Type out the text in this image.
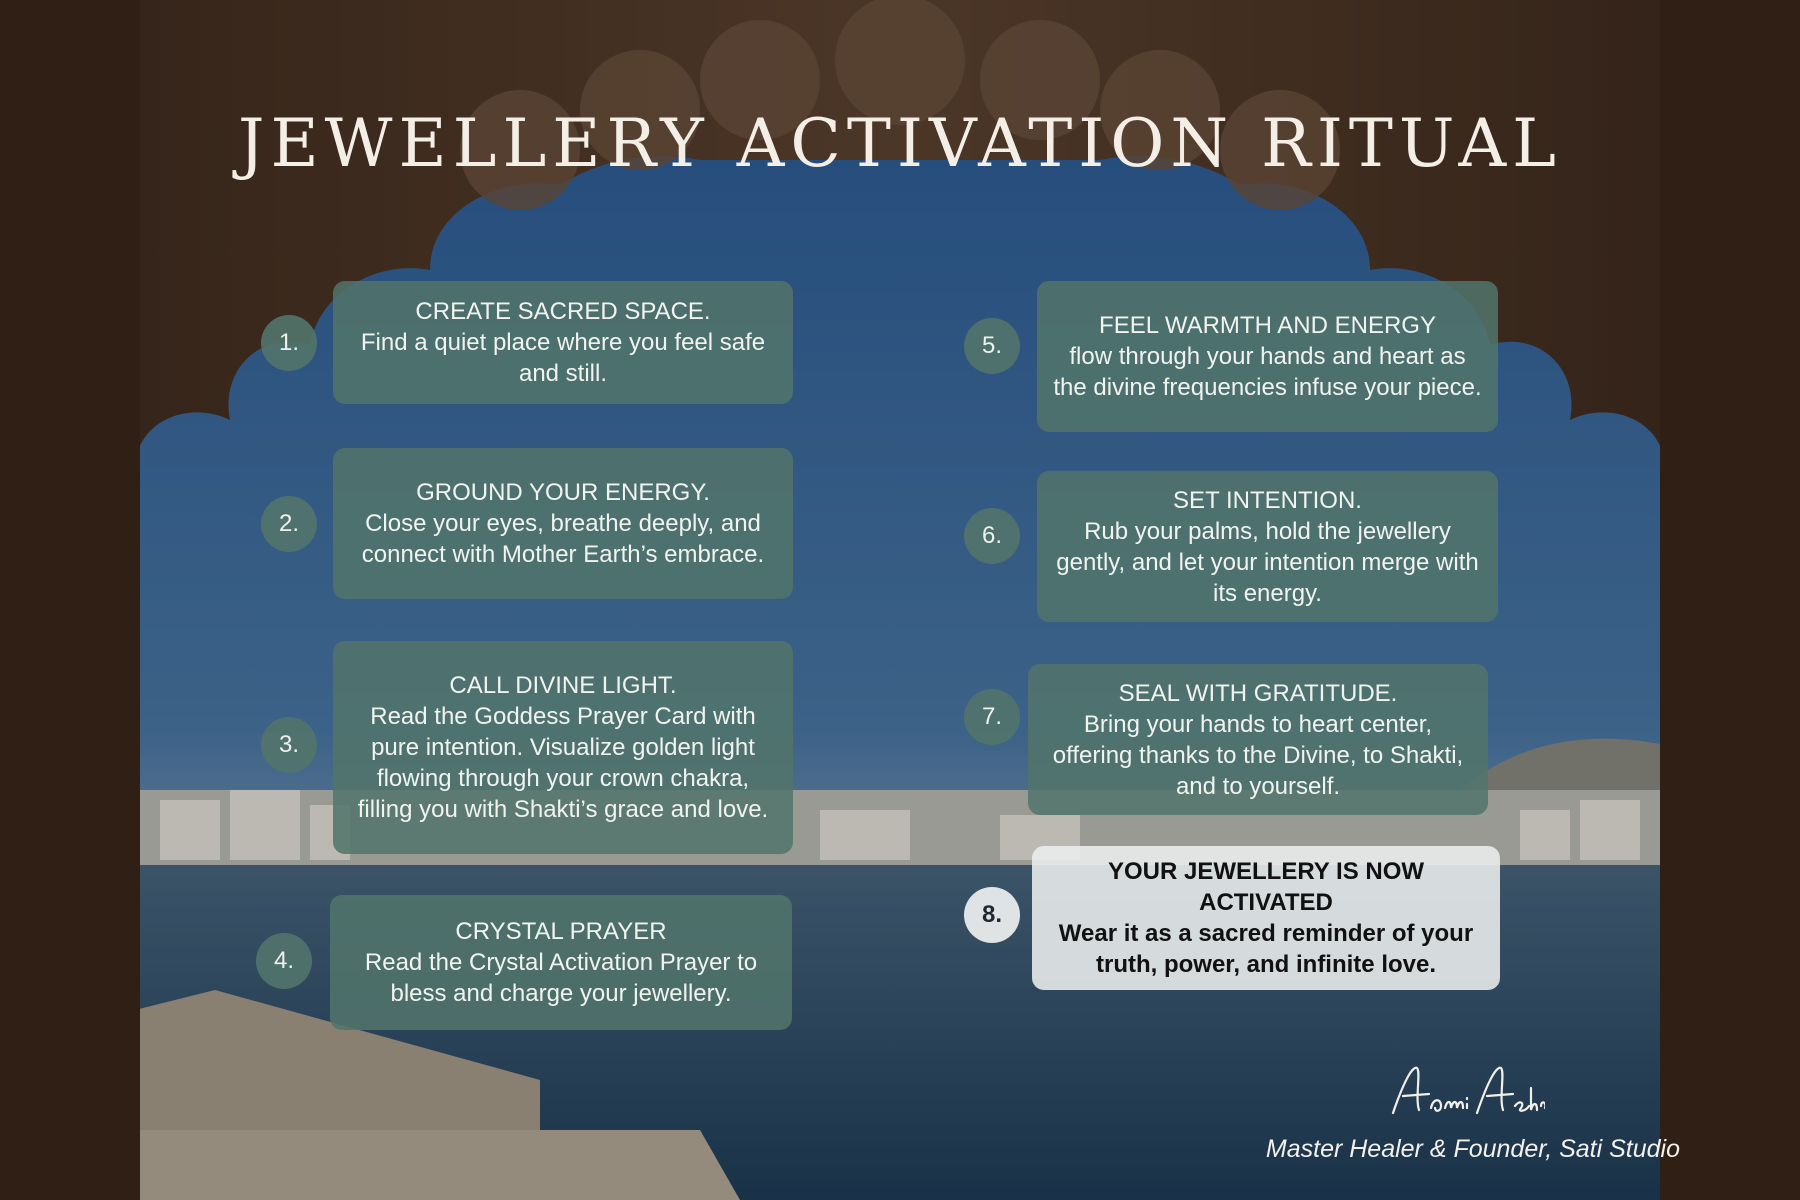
JEWELLERY ACTIVATION RITUAL
1.
CREATE SACRED SPACE.
Find a quiet place where you feel safe and still.
2.
GROUND YOUR ENERGY.
Close your eyes, breathe deeply, and connect with Mother Earth’s embrace.
3.
CALL DIVINE LIGHT.
Read the Goddess Prayer Card with pure intention. Visualize golden light flowing through your crown chakra, filling you with Shakti’s grace and love.
4.
CRYSTAL PRAYER
Read the Crystal Activation Prayer to bless and charge your jewellery.
5.
FEEL WARMTH AND ENERGY
flow through your hands and heart as the divine frequencies infuse your piece.
6.
SET INTENTION.
Rub your palms, hold the jewellery gently, and let your intention merge with its energy.
7.
SEAL WITH GRATITUDE.
Bring your hands to heart center, offering thanks to the Divine, to Shakti, and to yourself.
8.
YOUR JEWELLERY IS NOW ACTIVATED
Wear it as a sacred reminder of your truth, power, and infinite love.
Master Healer & Founder, Sati Studio
